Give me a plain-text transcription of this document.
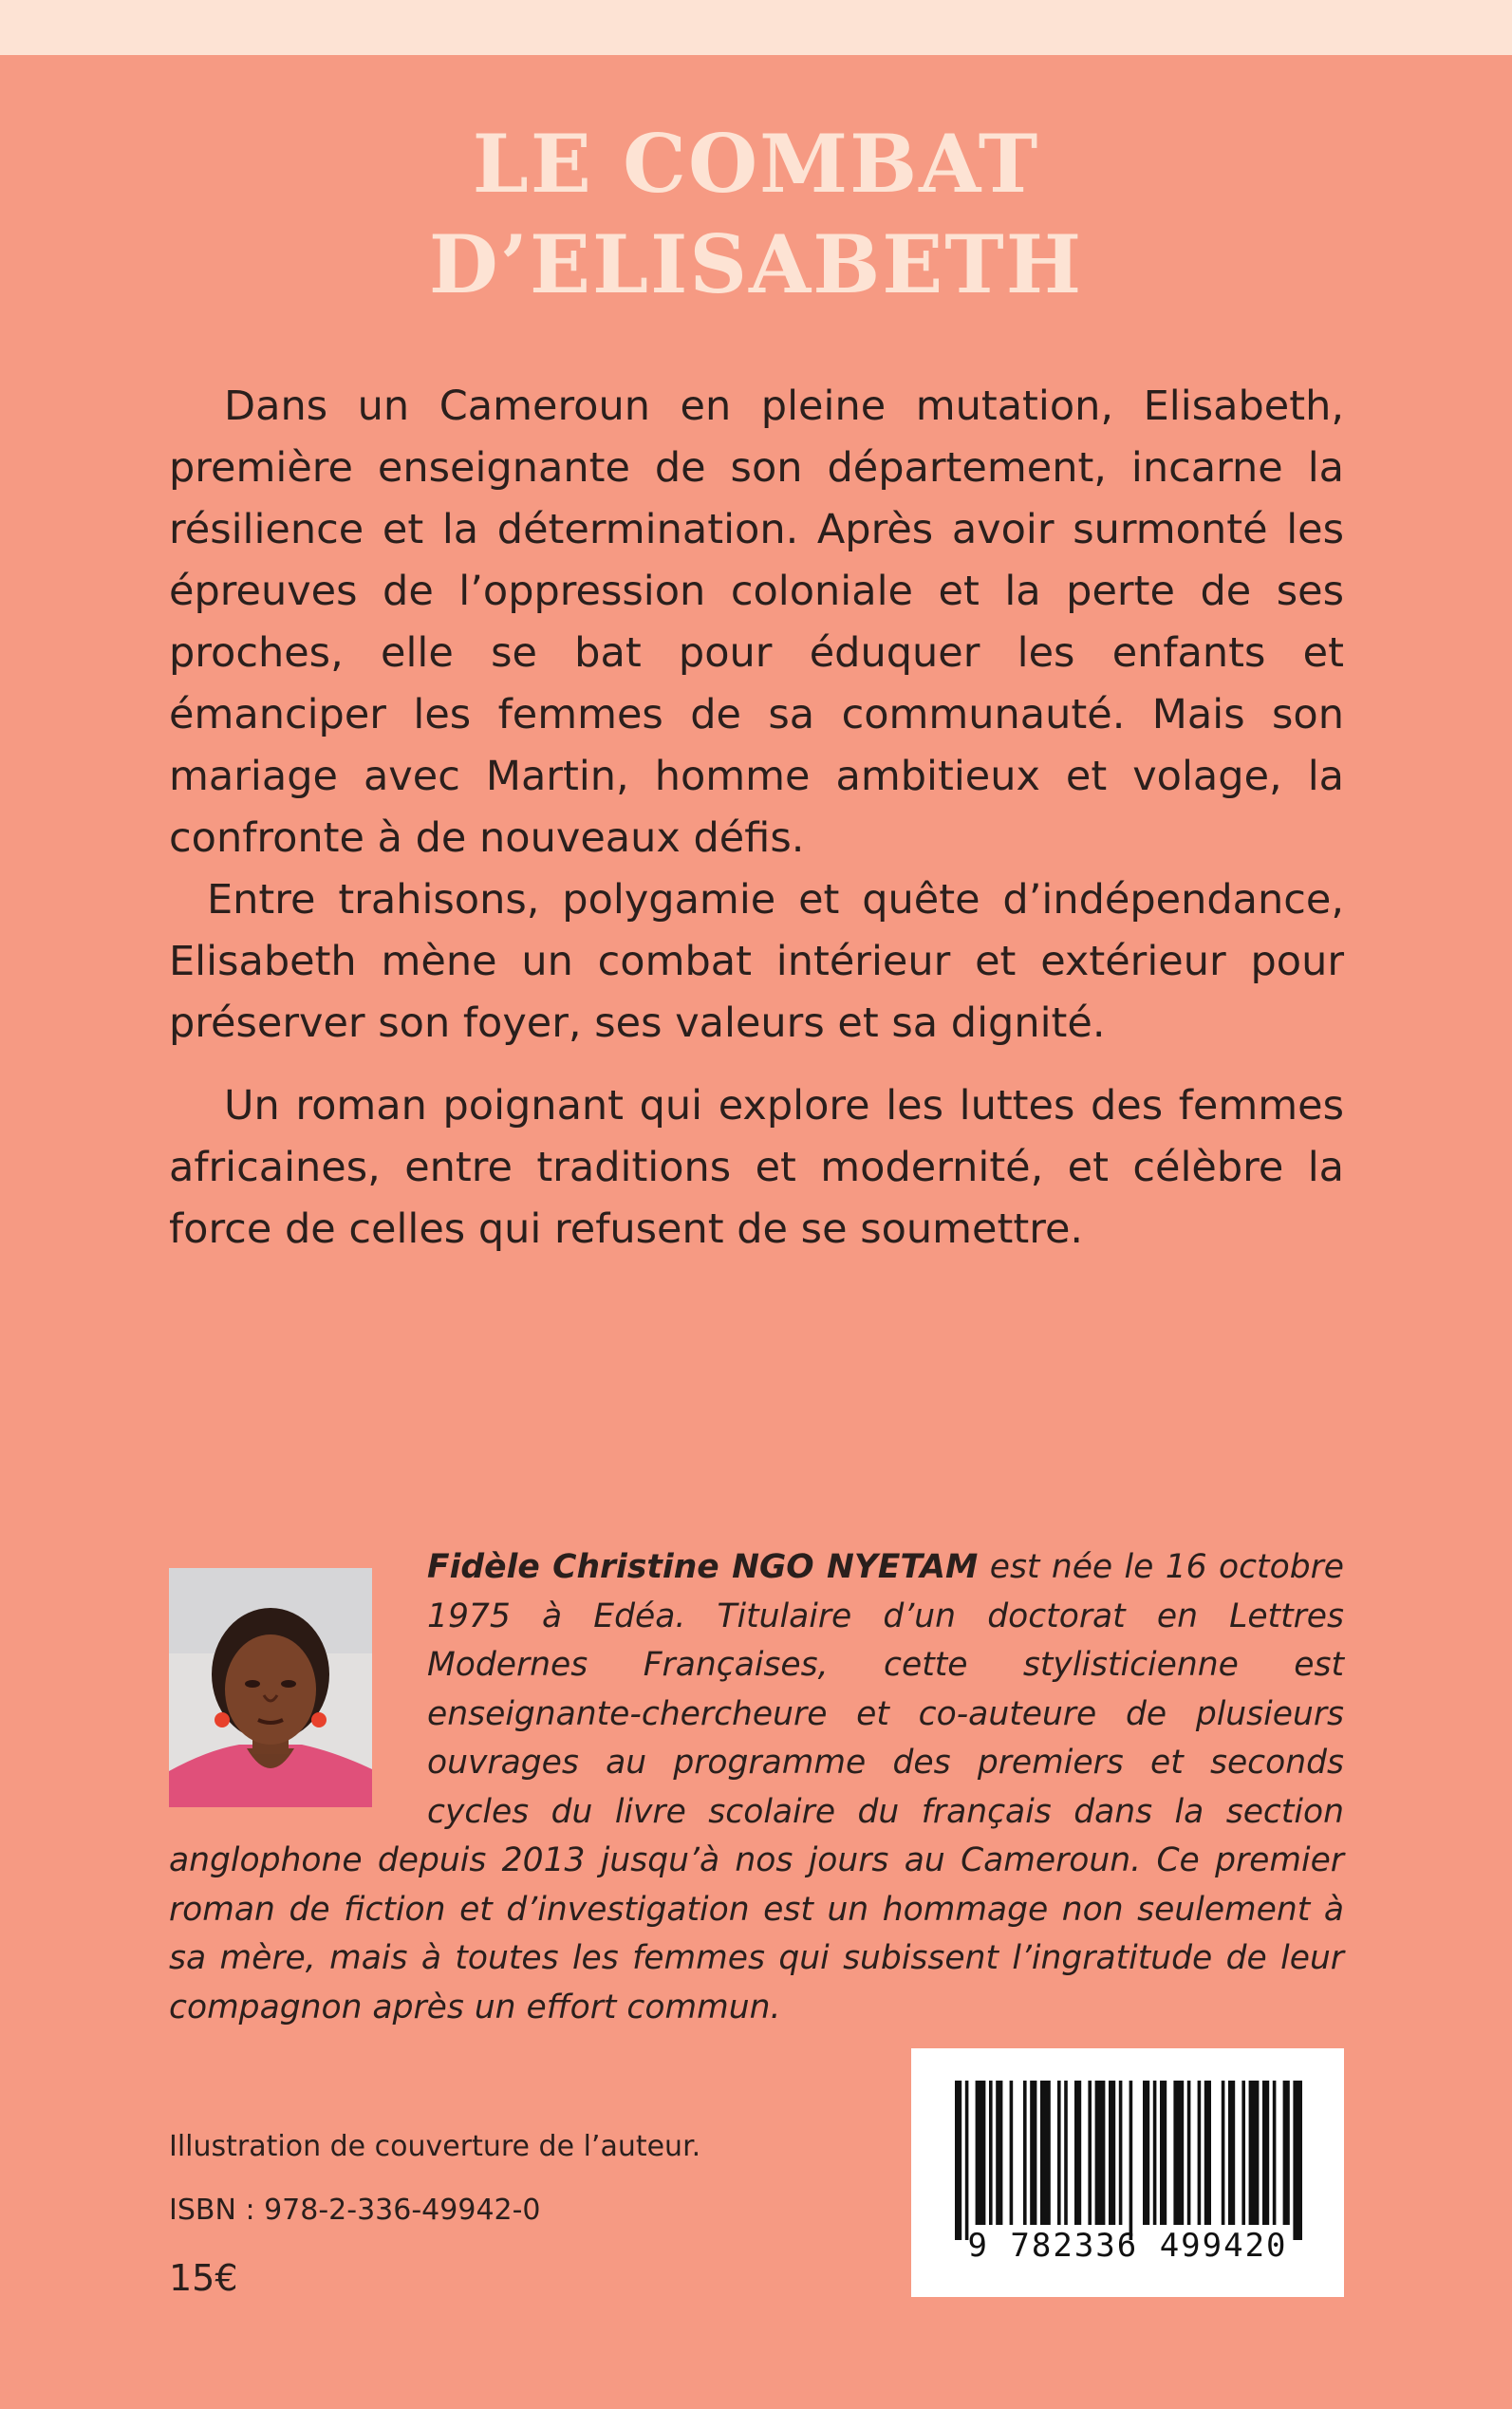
LE COMBAT
D’ELISABETH

Dans un Cameroun en pleine mutation, Elisabeth, première enseignante de son département, incarne la résilience et la détermination. Après avoir surmonté les épreuves de l’oppression coloniale et la perte de ses proches, elle se bat pour éduquer les enfants et émanciper les femmes de sa communauté. Mais son mariage avec Martin, homme ambitieux et volage, la confronte à de nouveaux défis.

Entre trahisons, polygamie et quête d’indépendance, Elisabeth mène un combat intérieur et extérieur pour préserver son foyer, ses valeurs et sa dignité.

Un roman poignant qui explore les luttes des femmes africaines, entre traditions et modernité, et célèbre la force de celles qui refusent de se soumettre.

Fidèle Christine NGO NYETAM est née le 16 octobre 1975 à Edéa. Titulaire d’un doctorat en Lettres Modernes Françaises, cette stylisticienne est enseignante-chercheure et co-auteure de plusieurs ouvrages au programme des premiers et seconds cycles du livre scolaire du français dans la section anglophone depuis 2013 jusqu’à nos jours au Cameroun. Ce premier roman de fiction et d’investigation est un hommage non seulement à sa mère, mais à toutes les femmes qui subissent l’ingratitude de leur compagnon après un effort commun.
Illustration de couverture de l’auteur.
ISBN : 978-2-336-49942-0
15€
9 782336 499420
